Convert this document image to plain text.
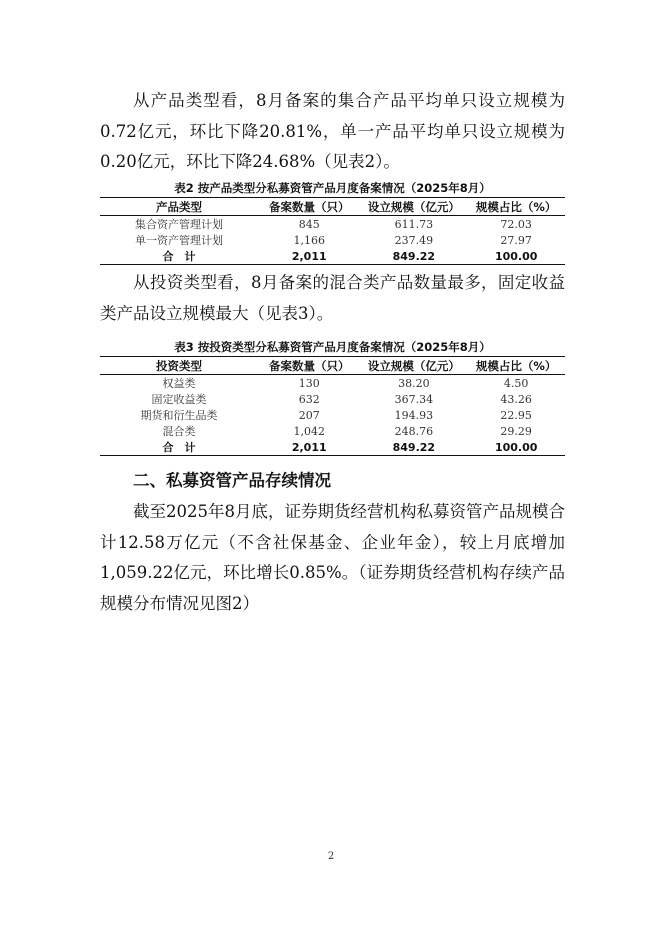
从产品类型看，8月备案的集合产品平均单只设立规模为0.72亿元，环比下降20.81%，单一产品平均单只设立规模为0.20亿元，环比下降24.68%（见表2）。

表2 按产品类型分私募资管产品月度备案情况（2025年8月）

产品类型	备案数量（只）	设立规模（亿元）	规模占比（%）
集合资产管理计划	845	611.73	72.03
单一资产管理计划	1,166	237.49	27.97
合　计	2,011	849.22	100.00

从投资类型看，8月备案的混合类产品数量最多，固定收益类产品设立规模最大（见表3）。

表3 按投资类型分私募资管产品月度备案情况（2025年8月）

投资类型	备案数量（只）	设立规模（亿元）	规模占比（%）
权益类	130	38.20	4.50
固定收益类	632	367.34	43.26
期货和衍生品类	207	194.93	22.95
混合类	1,042	248.76	29.29
合　计	2,011	849.22	100.00
二、私募资管产品存续情况

截至2025年8月底，证券期货经营机构私募资管产品规模合计12.58万亿元（不含社保基金、企业年金），较上月底增加1,059.22亿元，环比增长0.85%。（证券期货经营机构存续产品规模分布情况见图2）

2
